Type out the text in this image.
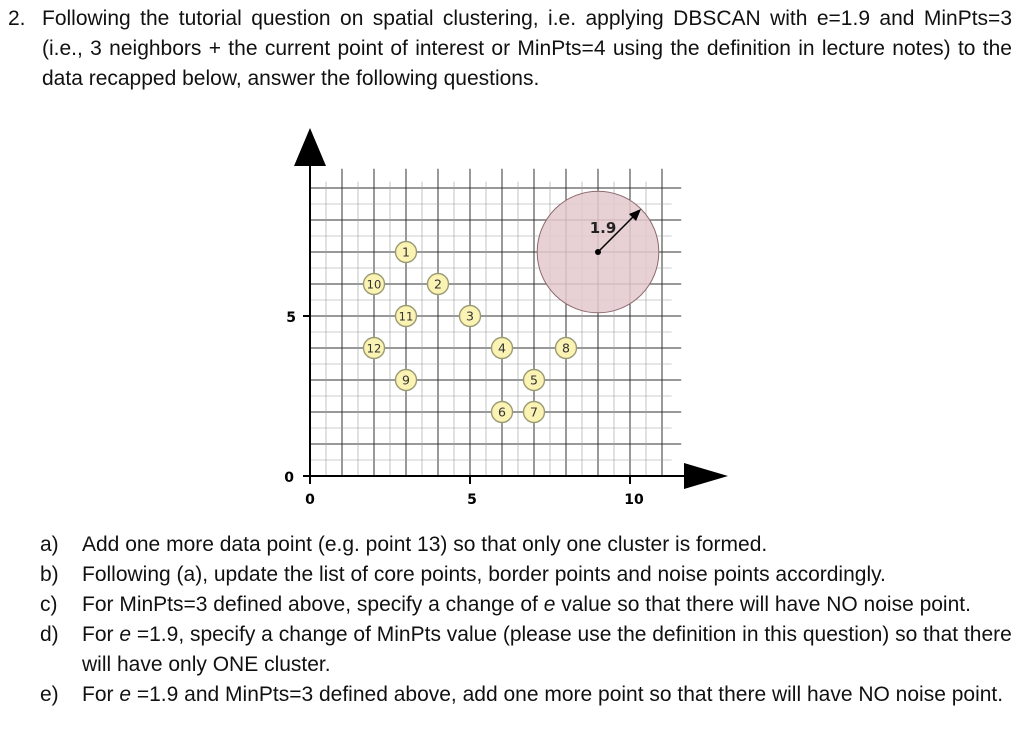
2. Following the tutorial question on spatial clustering, i.e. applying DBSCAN with e=1.9 and MinPts=3 (i.e., 3 neighbors + the current point of interest or MinPts=4 using the definition in lecture notes) to the data recapped below, answer the following questions.
0
5
0	5	10
1.9
1
2
3
4
5
6 7
8
9
10
11
12
a)	Add one more data point (e.g. point 13) so that only one cluster is formed.
b)	Following (a), update the list of core points, border points and noise points accordingly.
c)	For MinPts=3 defined above, specify a change of e value so that there will have NO noise point.
d)	For e =1.9, specify a change of MinPts value (please use the definition in this question) so that there will have only ONE cluster.
e)	For e =1.9 and MinPts=3 defined above, add one more point so that there will have NO noise point.
